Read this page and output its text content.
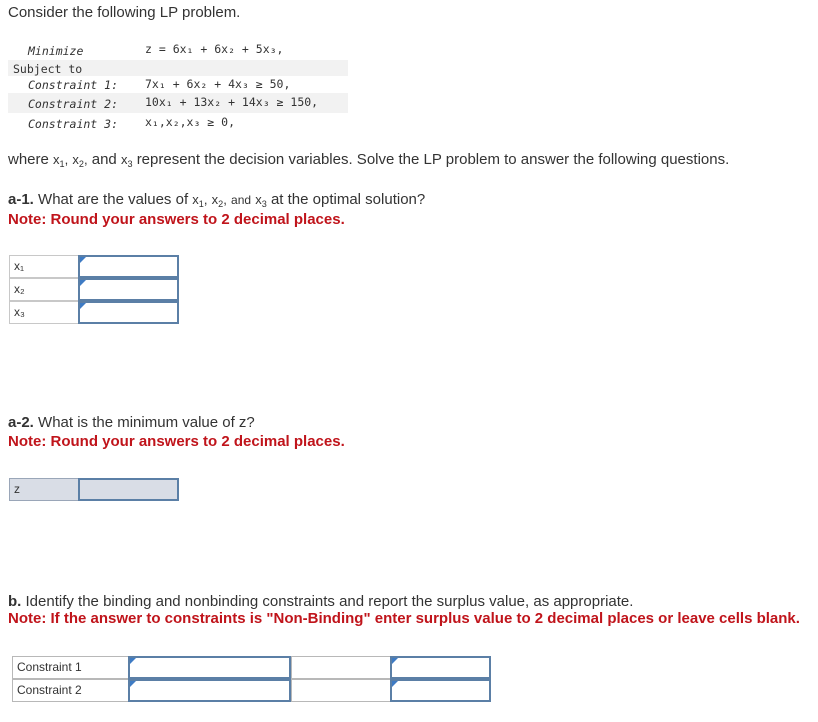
Consider the following LP problem.
Minimize	z = 6x₁ + 6x₂ + 5x₃,
Subject to
Constraint 1: 7x₁ + 6x₂ + 4x₃ ≥ 50,
Constraint 2: 10x₁ + 13x₂ + 14x₃ ≥ 150,
Constraint 3: x₁,x₂,x₃ ≥ 0,
where $x_1$, $x_2$, and $x_3$ represent the decision variables. Solve the LP problem to answer the following questions.
a-1. What are the values of $x_1$, $x_2$, and $x_3$ at the optimal solution?
Note: Round your answers to 2 decimal places.
x₁
x₂
x₃
a-2. What is the minimum value of z?
Note: Round your answers to 2 decimal places.
z
b. Identify the binding and nonbinding constraints and report the surplus value, as appropriate.
Note: If the answer to constraints is "Non-Binding" enter surplus value to 2 decimal places or leave cells blank.
Constraint 1
Constraint 2
